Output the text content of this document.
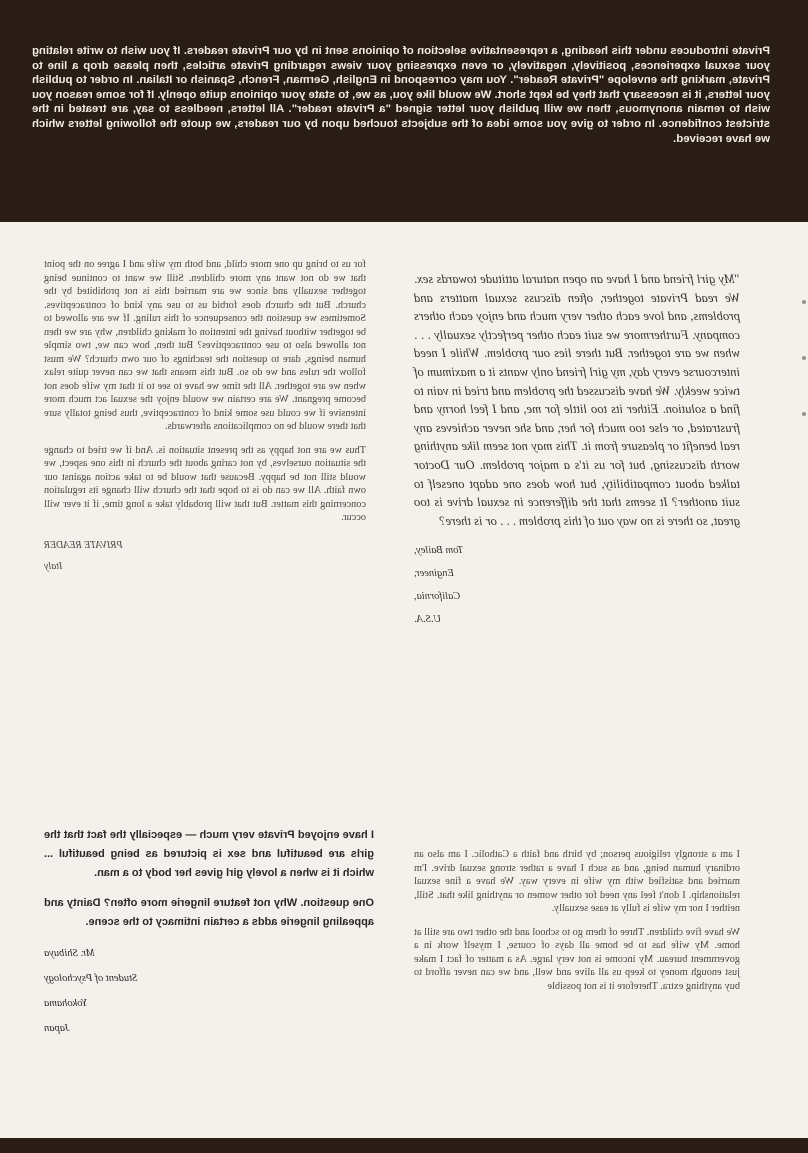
Private introduces under this heading, a representative selection of opinions sent in by our Private readers. If you wish to write relating your sexual experiences, positively, negatively, or even expressing your views regarding Private articles, then please drop a line to Private, marking the envelope "Private Reader". You may correspond in English, German, French, Spanish or Italian. In order to publish your letters, it is necessary that they be kept short. We would like you, as we, to state your opinions quite openly. If for some reason you wish to remain anonymous, then we will publish your letter signed "a Private reader". All letters, needless to say, are treated in the strictest confidence. In order to give you some idea of the subjects touched upon by our readers, we quote the following letters which we have received.

for us to bring up one more child, and both my wife and I agree on the point that we do not want any more children. Still we want to continue being together sexually and since we are married this is not prohibited by the church. But the church does forbid us to use any kind of contraceptives. Sometimes we question the consequence of this ruling. If we are allowed to be together without having the intention of making children, why are we then not allowed also to use contraceptives? But then, how can we, two simple human beings, dare to question the teachings of our own church? We must follow the rules and we do so. But this means that we can never quite relax when we are together. All the time we have to see to it that my wife does not become pregnant. We are certain we would enjoy the sexual act much more intensive if we could use some kind of contraceptive, thus being totally sure that there would be no complications afterwards.

Thus we are not happy as the present situation is. And if we tried to change the situation ourselves, by not caring about the church in this one aspect, we would still not be happy. Because that would be to take action against our own faith. All we can do is to hope that the church will change its regulation concerning this matter. But that will probably take a long time, if it ever will occur.

PRIVATE READER
Italy

"My girl friend and I have an open natural attitude towards sex. We read Private together, often discuss sexual matters and problems, and love each other very much and enjoy each others company. Furthermore we suit each other perfectly sexually . . . when we are together. But there lies our problem. While I need intercourse every day, my girl friend only wants it a maximum of twice weekly. We have discussed the problem and tried in vain to find a solution. Either its too little for me, and I feel horny and frustrated, or else too much for her, and she never achieves any real benefit or pleasure from it. This may not seem like anything worth discussing, but for us it's a major problem. Our Doctor talked about compatibility, but how does one adapt oneself to suit another? It seems that the difference in sexual drive is too great, so there is no way out of this problem . . . or is there?

Tom Bailey,
Engineer,
California,
U.S.A.

I have enjoyed Private very much — especially the fact that the girls are beautiful and sex is pictured as being beautiful ... which it is when a lovely girl gives her body to a man.

One question. Why not feature lingerie more often? Dainty and appealing lingerie adds a certain intimacy to the scene.

Mr. Shibuya
Student of Psychology
Yokohama
Japan

I am a strongly religious person; by birth and faith a Catholic. I am also an ordinary human being, and as such I have a rather strong sexual drive. I'm married and satisfied with my wife in every way. We have a fine sexual relationship. I don't feel any need for other women or anything like that. Still, neither I nor my wife is fully at ease sexually.

We have five children. Three of them go to school and the other two are still at home. My wife has to be home all days of course, I myself work in a government bureau. My income is not very large. As a matter of fact I make just enough money to keep us all alive and well, and we can never afford to buy anything extra. Therefore it is not possible
